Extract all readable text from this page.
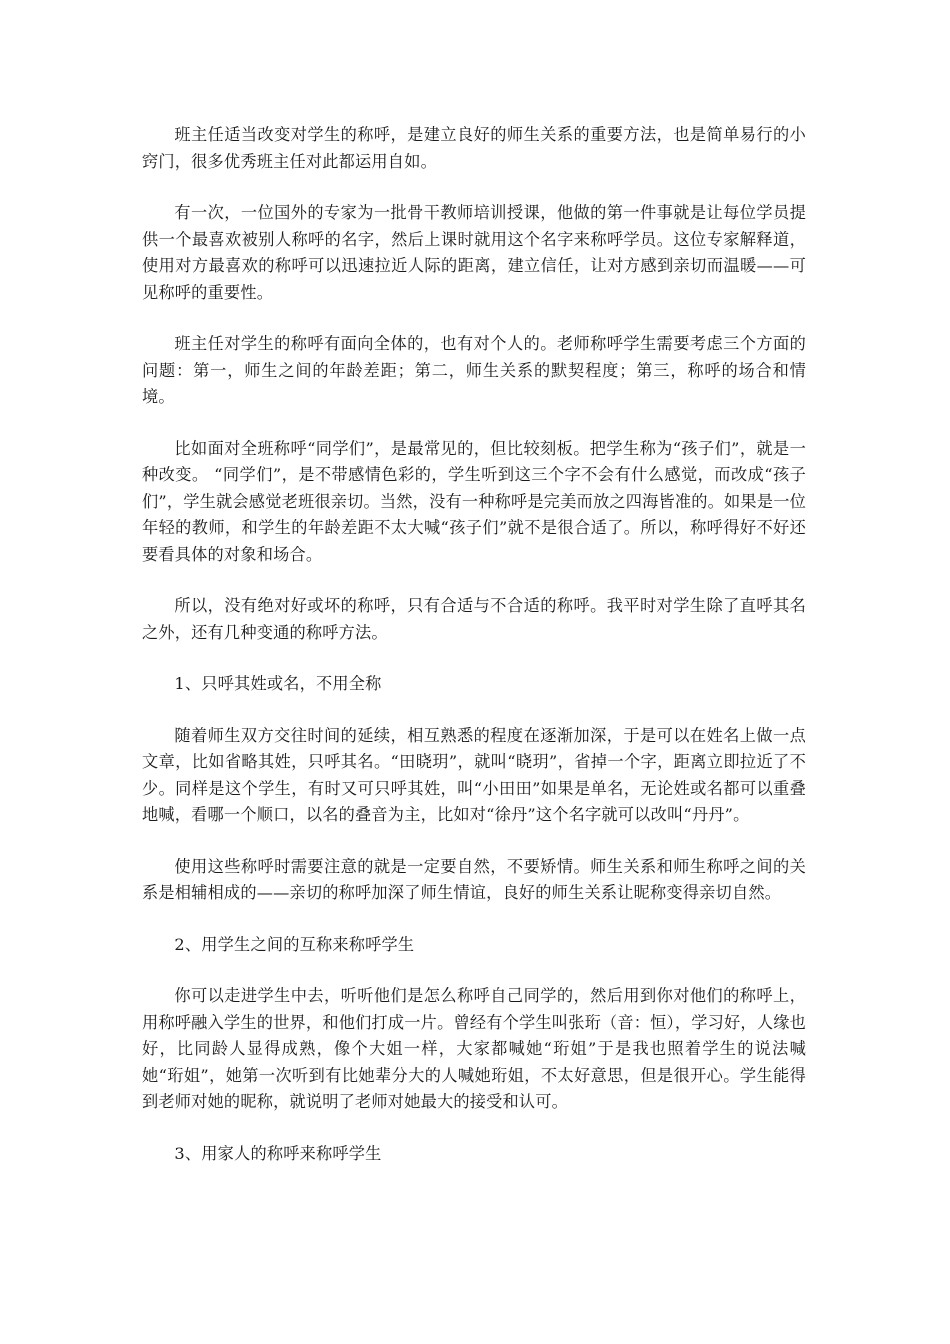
班主任适当改变对学生的称呼，是建立良好的师生关系的重要方法，也是简单易行的小窍门，很多优秀班主任对此都运用自如。

有一次，一位国外的专家为一批骨干教师培训授课，他做的第一件事就是让每位学员提供一个最喜欢被别人称呼的名字，然后上课时就用这个名字来称呼学员。这位专家解释道，使用对方最喜欢的称呼可以迅速拉近人际的距离，建立信任，让对方感到亲切而温暖——可见称呼的重要性。

班主任对学生的称呼有面向全体的，也有对个人的。老师称呼学生需要考虑三个方面的问题：第一，师生之间的年龄差距；第二，师生关系的默契程度；第三，称呼的场合和情境。

比如面对全班称呼“同学们”，是最常见的，但比较刻板。把学生称为“孩子们”，就是一种改变。 “同学们”，是不带感情色彩的，学生听到这三个字不会有什么感觉，而改成“孩子们”，学生就会感觉老班很亲切。当然，没有一种称呼是完美而放之四海皆准的。如果是一位年轻的教师，和学生的年龄差距不太大喊“孩子们”就不是很合适了。所以，称呼得好不好还要看具体的对象和场合。

所以，没有绝对好或坏的称呼，只有合适与不合适的称呼。我平时对学生除了直呼其名之外，还有几种变通的称呼方法。

1、只呼其姓或名，不用全称

随着师生双方交往时间的延续，相互熟悉的程度在逐渐加深，于是可以在姓名上做一点文章，比如省略其姓，只呼其名。“田晓玥”，就叫“晓玥”，省掉一个字，距离立即拉近了不少。同样是这个学生，有时又可只呼其姓，叫“小田田”如果是单名，无论姓或名都可以重叠地喊，看哪一个顺口，以名的叠音为主，比如对“徐丹”这个名字就可以改叫“丹丹”。

使用这些称呼时需要注意的就是一定要自然，不要矫情。师生关系和师生称呼之间的关系是相辅相成的——亲切的称呼加深了师生情谊，良好的师生关系让昵称变得亲切自然。

2、用学生之间的互称来称呼学生

你可以走进学生中去，听听他们是怎么称呼自己同学的，然后用到你对他们的称呼上，用称呼融入学生的世界，和他们打成一片。曾经有个学生叫张珩（音：恒），学习好，人缘也好，比同龄人显得成熟，像个大姐一样，大家都喊她“珩姐”于是我也照着学生的说法喊她“珩姐”，她第一次听到有比她辈分大的人喊她珩姐，不太好意思，但是很开心。学生能得到老师对她的昵称，就说明了老师对她最大的接受和认可。

3、用家人的称呼来称呼学生
